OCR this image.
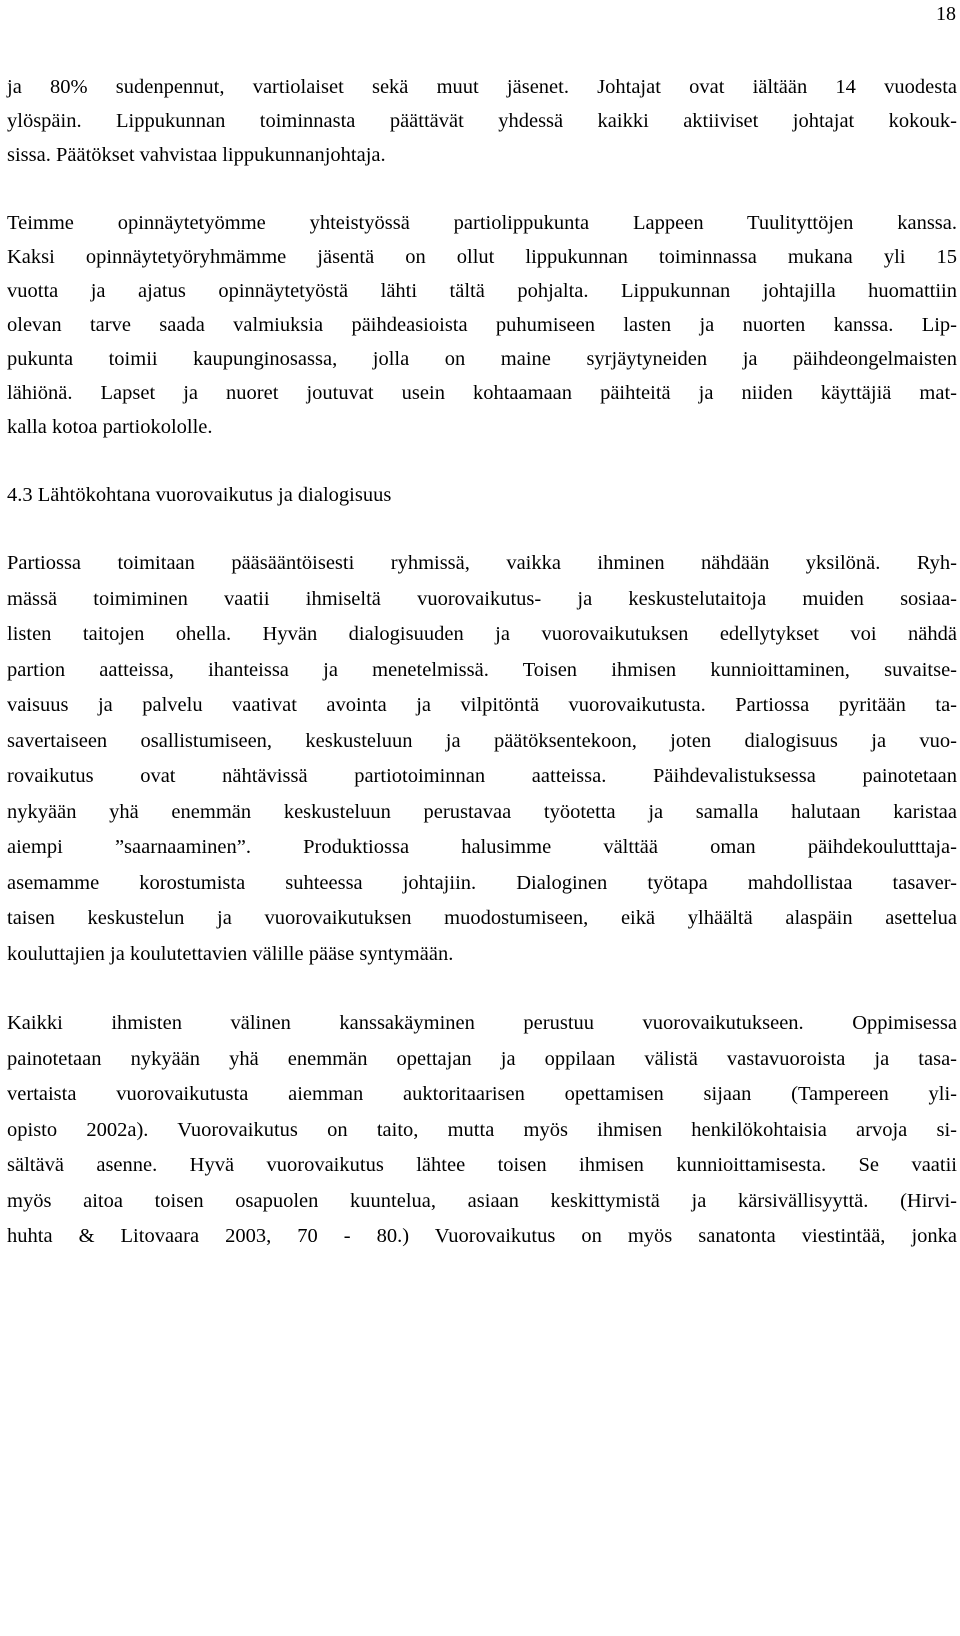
18
ja 80% sudenpennut, vartiolaiset sekä muut jäsenet. Johtajat ovat iältään 14 vuodesta
ylöspäin. Lippukunnan toiminnasta päättävät yhdessä kaikki aktiiviset johtajat kokouk-
sissa. Päätökset vahvistaa lippukunnanjohtaja.
Teimme opinnäytetyömme yhteistyössä partiolippukunta Lappeen Tuulityttöjen kanssa.
Kaksi opinnäytetyöryhmämme jäsentä on ollut lippukunnan toiminnassa mukana yli 15
vuotta ja ajatus opinnäytetyöstä lähti tältä pohjalta. Lippukunnan johtajilla huomattiin
olevan tarve saada valmiuksia päihdeasioista puhumiseen lasten ja nuorten kanssa. Lip-
pukunta toimii kaupunginosassa, jolla on maine syrjäytyneiden ja päihdeongelmaisten
lähiönä. Lapset ja nuoret joutuvat usein kohtaamaan päihteitä ja niiden käyttäjiä mat-
kalla kotoa partiokololle.
4.3 Lähtökohtana vuorovaikutus ja dialogisuus
Partiossa toimitaan pääsääntöisesti ryhmissä, vaikka ihminen nähdään yksilönä. Ryh-
mässä toimiminen vaatii ihmiseltä vuorovaikutus- ja keskustelutaitoja muiden sosiaa-
listen taitojen ohella. Hyvän dialogisuuden ja vuorovaikutuksen edellytykset voi nähdä
partion aatteissa, ihanteissa ja menetelmissä. Toisen ihmisen kunnioittaminen, suvaitse-
vaisuus ja palvelu vaativat avointa ja vilpitöntä vuorovaikutusta. Partiossa pyritään ta-
savertaiseen osallistumiseen, keskusteluun ja päätöksentekoon, joten dialogisuus ja vuo-
rovaikutus ovat nähtävissä partiotoiminnan aatteissa. Päihdevalistuksessa painotetaan
nykyään yhä enemmän keskusteluun perustavaa työotetta ja samalla halutaan karistaa
aiempi ”saarnaaminen”. Produktiossa halusimme välttää oman päihdekoulutttaja-
asemamme korostumista suhteessa johtajiin. Dialoginen työtapa mahdollistaa tasaver-
taisen keskustelun ja vuorovaikutuksen muodostumiseen, eikä ylhäältä alaspäin asettelua
kouluttajien ja koulutettavien välille pääse syntymään.
Kaikki ihmisten välinen kanssakäyminen perustuu vuorovaikutukseen. Oppimisessa
painotetaan nykyään yhä enemmän opettajan ja oppilaan välistä vastavuoroista ja tasa-
vertaista vuorovaikutusta aiemman auktoritaarisen opettamisen sijaan (Tampereen yli-
opisto 2002a). Vuorovaikutus on taito, mutta myös ihmisen henkilökohtaisia arvoja si-
sältävä asenne. Hyvä vuorovaikutus lähtee toisen ihmisen kunnioittamisesta. Se vaatii
myös aitoa toisen osapuolen kuuntelua, asiaan keskittymistä ja kärsivällisyyttä. (Hirvi-
huhta & Litovaara 2003, 70 - 80.) Vuorovaikutus on myös sanatonta viestintää, jonka
